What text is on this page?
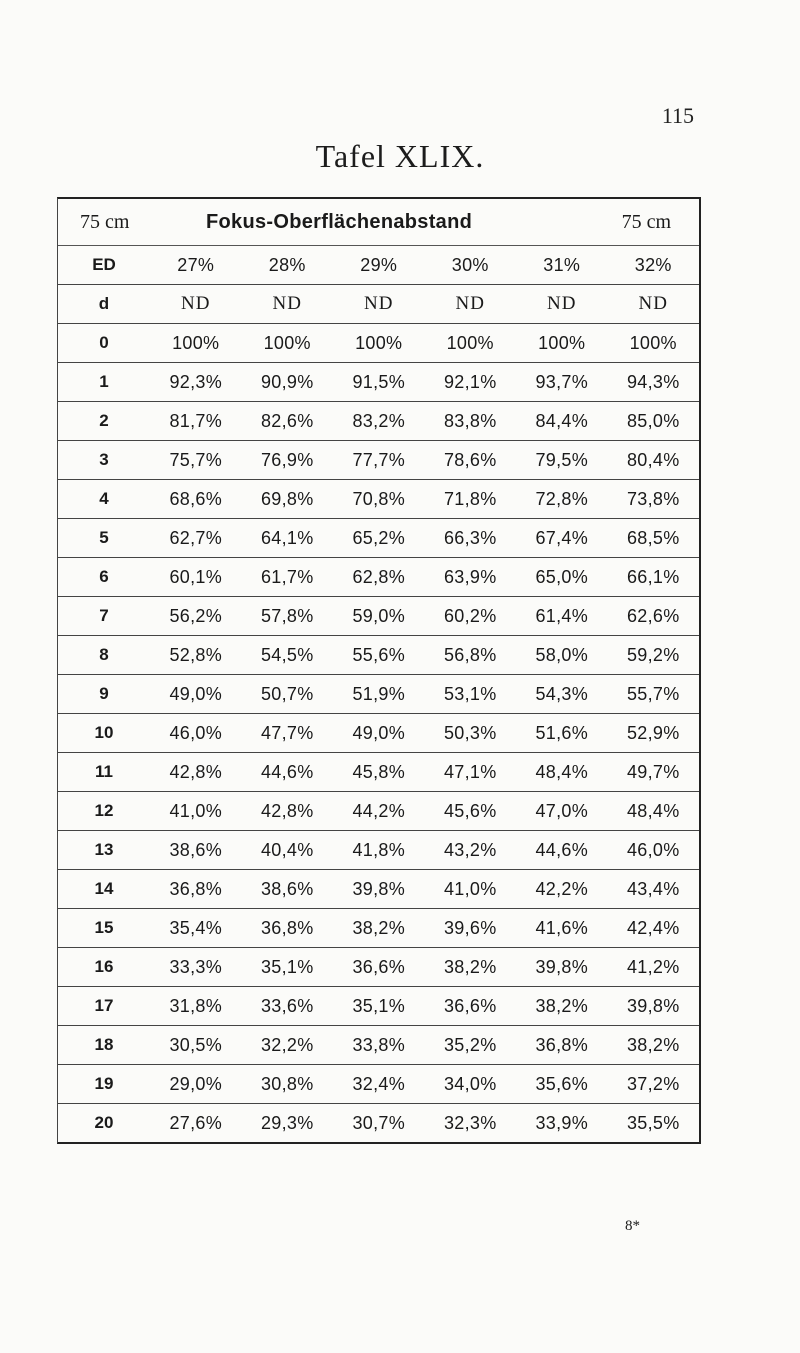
115
Tafel XLIX.
75 cm	Fokus-Oberflächenabstand	75 cm
ED	27%	28%	29%	30%	31%	32%
d	ND	ND	ND	ND	ND	ND
0	100%	100%	100%	100%	100%	100%
1	92,3%	90,9%	91,5%	92,1%	93,7%	94,3%
2	81,7%	82,6%	83,2%	83,8%	84,4%	85,0%
3	75,7%	76,9%	77,7%	78,6%	79,5%	80,4%
4	68,6%	69,8%	70,8%	71,8%	72,8%	73,8%
5	62,7%	64,1%	65,2%	66,3%	67,4%	68,5%
6	60,1%	61,7%	62,8%	63,9%	65,0%	66,1%
7	56,2%	57,8%	59,0%	60,2%	61,4%	62,6%
8	52,8%	54,5%	55,6%	56,8%	58,0%	59,2%
9	49,0%	50,7%	51,9%	53,1%	54,3%	55,7%
10	46,0%	47,7%	49,0%	50,3%	51,6%	52,9%
11	42,8%	44,6%	45,8%	47,1%	48,4%	49,7%
12	41,0%	42,8%	44,2%	45,6%	47,0%	48,4%
13	38,6%	40,4%	41,8%	43,2%	44,6%	46,0%
14	36,8%	38,6%	39,8%	41,0%	42,2%	43,4%
15	35,4%	36,8%	38,2%	39,6%	41,6%	42,4%
16	33,3%	35,1%	36,6%	38,2%	39,8%	41,2%
17	31,8%	33,6%	35,1%	36,6%	38,2%	39,8%
18	30,5%	32,2%	33,8%	35,2%	36,8%	38,2%
19	29,0%	30,8%	32,4%	34,0%	35,6%	37,2%
20	27,6%	29,3%	30,7%	32,3%	33,9%	35,5%
8*
